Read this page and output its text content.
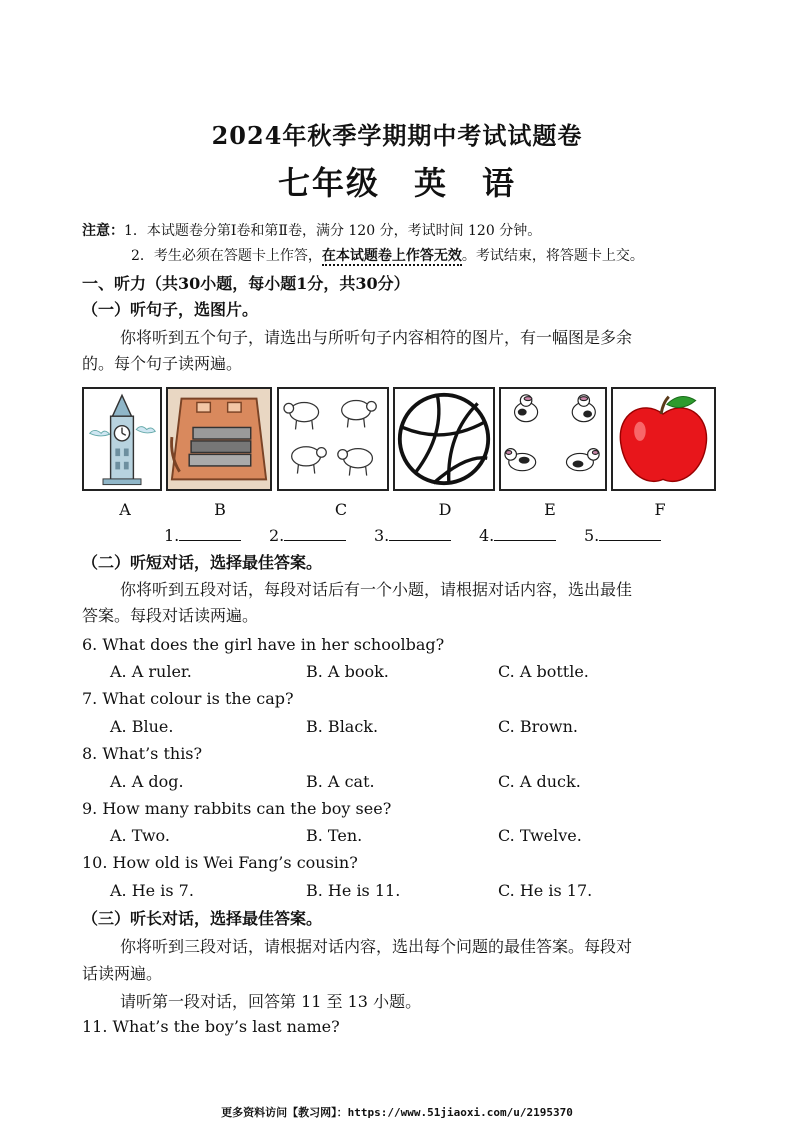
2024年秋季学期期中考试试题卷
七年级　英　语
注意：1．本试题卷分第Ⅰ卷和第Ⅱ卷，满分 120 分，考试时间 120 分钟。
2．考生必须在答题卡上作答，在本试题卷上作答无效。考试结束，将答题卡上交。
一、听力（共30小题，每小题1分，共30分）
（一）听句子，选图片。
你将听到五个句子，请选出与所听句子内容相符的图片，有一幅图是多余
的。每个句子读两遍。
A	B	C	D	E	F
1.	2.	3.	4.	5.
（二）听短对话，选择最佳答案。
你将听到五段对话，每段对话后有一个小题，请根据对话内容，选出最佳
答案。每段对话读两遍。
6. What does the girl have in her schoolbag?
A. A ruler.	B. A book.	C. A bottle.
7. What colour is the cap?
A. Blue.	B. Black.	C. Brown.
8. What’s this?
A. A dog.	B. A cat.	C. A duck.
9. How many rabbits can the boy see?
A. Two.	B. Ten.	C. Twelve.
10. How old is Wei Fang’s cousin?
A. He is 7.	B. He is 11.	C. He is 17.
（三）听长对话，选择最佳答案。
你将听到三段对话，请根据对话内容，选出每个问题的最佳答案。每段对
话读两遍。
请听第一段对话，回答第 11 至 13 小题。
11. What’s the boy’s last name?
更多资料访问【教习网】：https://www.51jiaoxi.com/u/2195370
